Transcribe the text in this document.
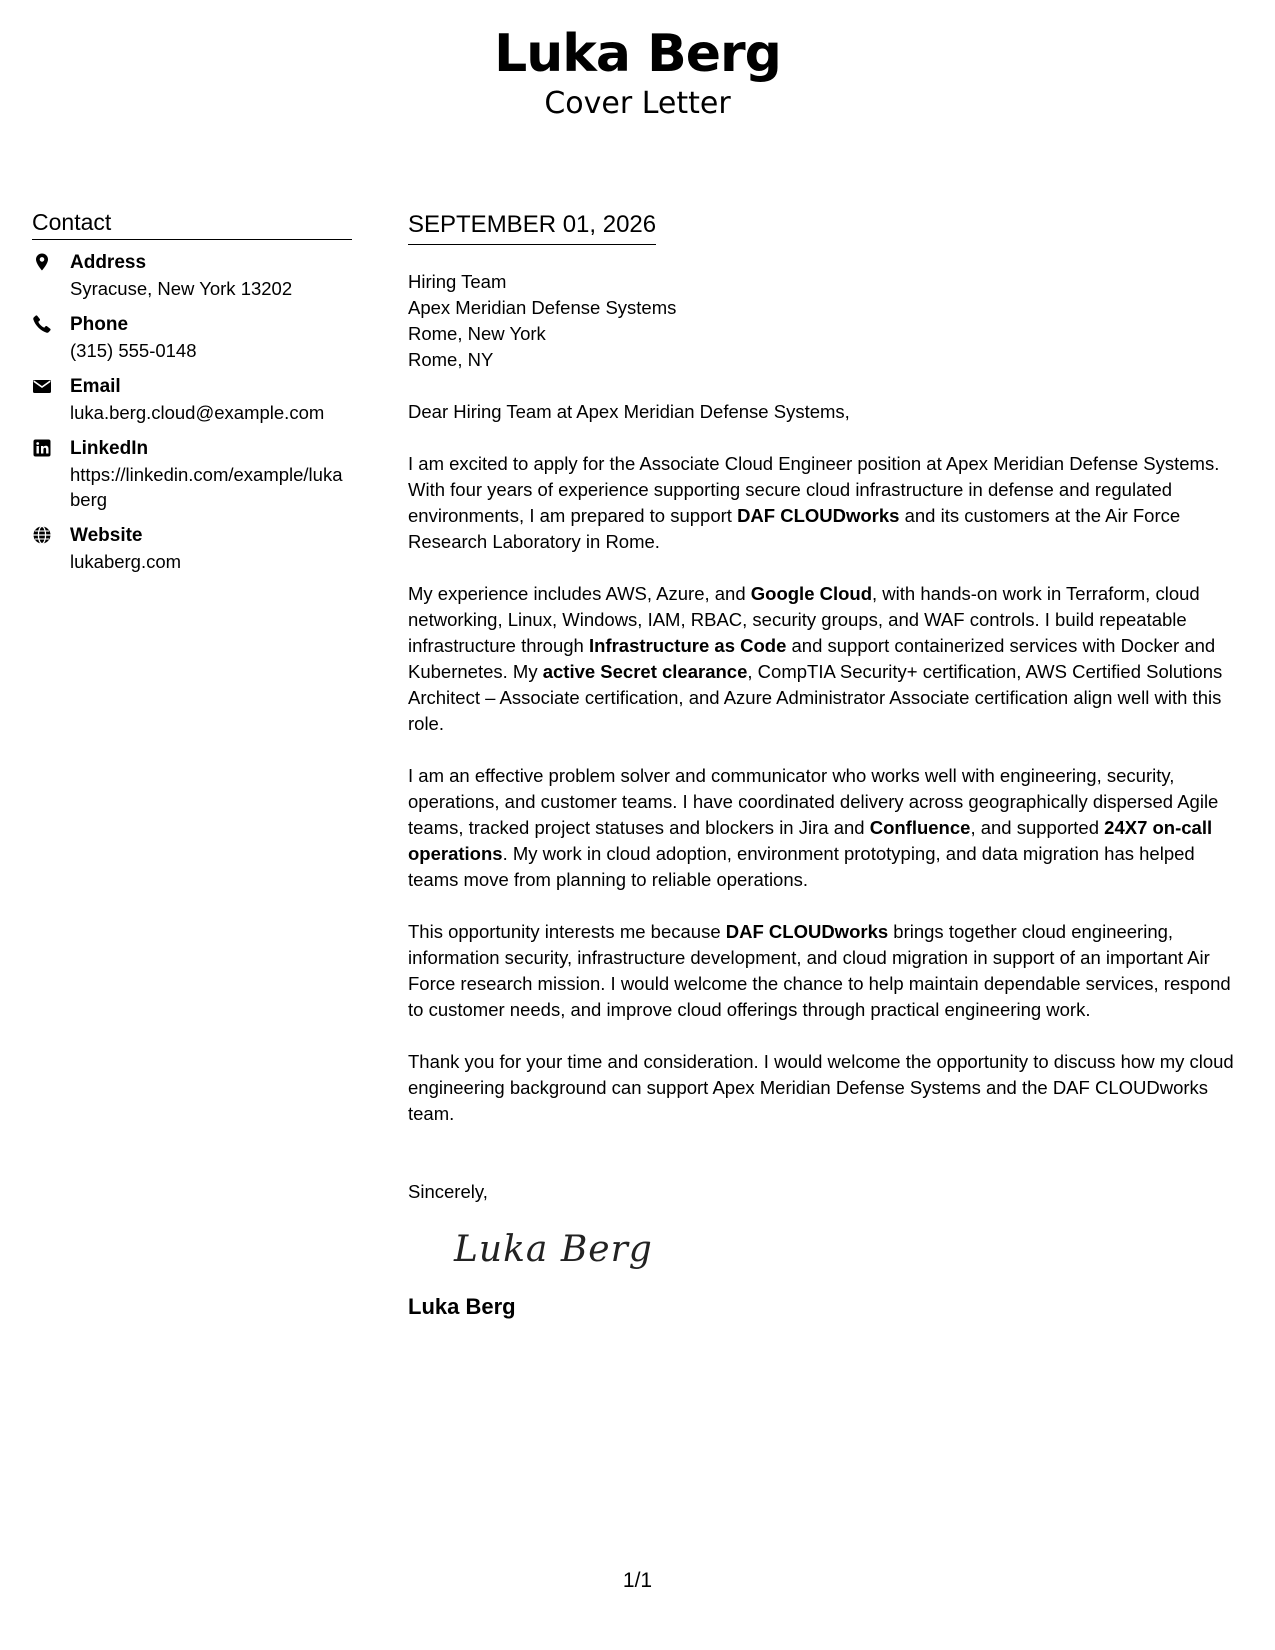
Luka Berg
Cover Letter
Contact
Address
Syracuse, New York 13202
Phone
(315) 555-0148
Email
luka.berg.cloud@example.com
LinkedIn
https://linkedin.com/example/lukaberg
Website
lukaberg.com
SEPTEMBER 01, 2026
Hiring Team
Apex Meridian Defense Systems
Rome, New York
Rome, NY
Dear Hiring Team at Apex Meridian Defense Systems,
I am excited to apply for the Associate Cloud Engineer position at Apex Meridian Defense Systems. With four years of experience supporting secure cloud infrastructure in defense and regulated environments, I am prepared to support DAF CLOUDworks and its customers at the Air Force Research Laboratory in Rome.
My experience includes AWS, Azure, and Google Cloud, with hands-on work in Terraform, cloud networking, Linux, Windows, IAM, RBAC, security groups, and WAF controls. I build repeatable infrastructure through Infrastructure as Code and support containerized services with Docker and Kubernetes. My active Secret clearance, CompTIA Security+ certification, AWS Certified Solutions Architect – Associate certification, and Azure Administrator Associate certification align well with this role.
I am an effective problem solver and communicator who works well with engineering, security, operations, and customer teams. I have coordinated delivery across geographically dispersed Agile teams, tracked project statuses and blockers in Jira and Confluence, and supported 24X7 on-call operations. My work in cloud adoption, environment prototyping, and data migration has helped teams move from planning to reliable operations.
This opportunity interests me because DAF CLOUDworks brings together cloud engineering, information security, infrastructure development, and cloud migration in support of an important Air Force research mission. I would welcome the chance to help maintain dependable services, respond to customer needs, and improve cloud offerings through practical engineering work.
Thank you for your time and consideration. I would welcome the opportunity to discuss how my cloud engineering background can support Apex Meridian Defense Systems and the DAF CLOUDworks team.
Sincerely,
Luka Berg
Luka Berg
1/1
